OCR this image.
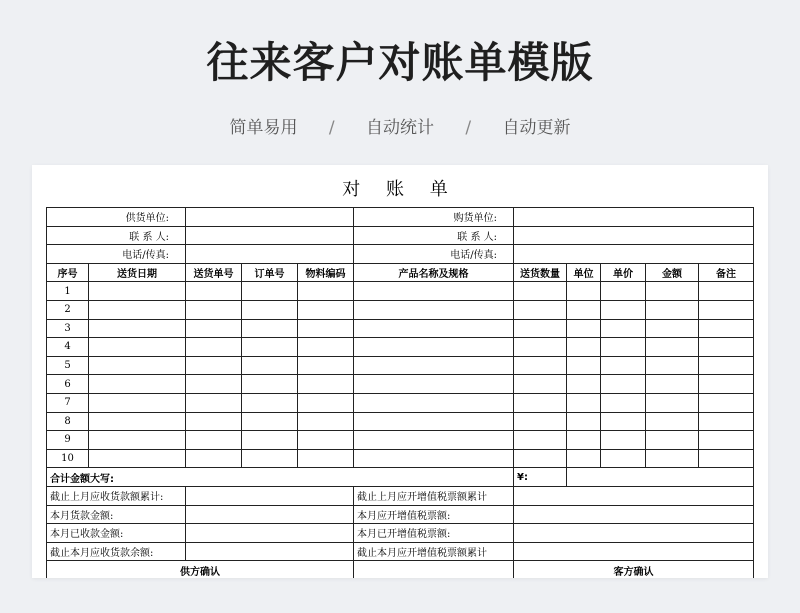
往来客户对账单模版
简单易用 / 自动统计 / 自动更新
对 账 单
供货单位:					购货单位:					
联 系 人:					联 系 人:					
电话/传真:					电话/传真:					
序号	送货日期	送货单号	订单号	物料编码	产品名称及规格	送货数量	单位	单价	金额	备注
1										
2										
3										
4										
5										
6										
7										
8										
9										
10										
合计金额大写:						¥:				
截止上月应收货款额累计:					截止上月应开增值税票额累计					
本月货款金额:					本月应开增值税票额:					
本月已收款金额:					本月已开增值税票额:					
截止本月应收货款余额:					截止本月应开增值税票额累计					
供方确认						客方确认				
